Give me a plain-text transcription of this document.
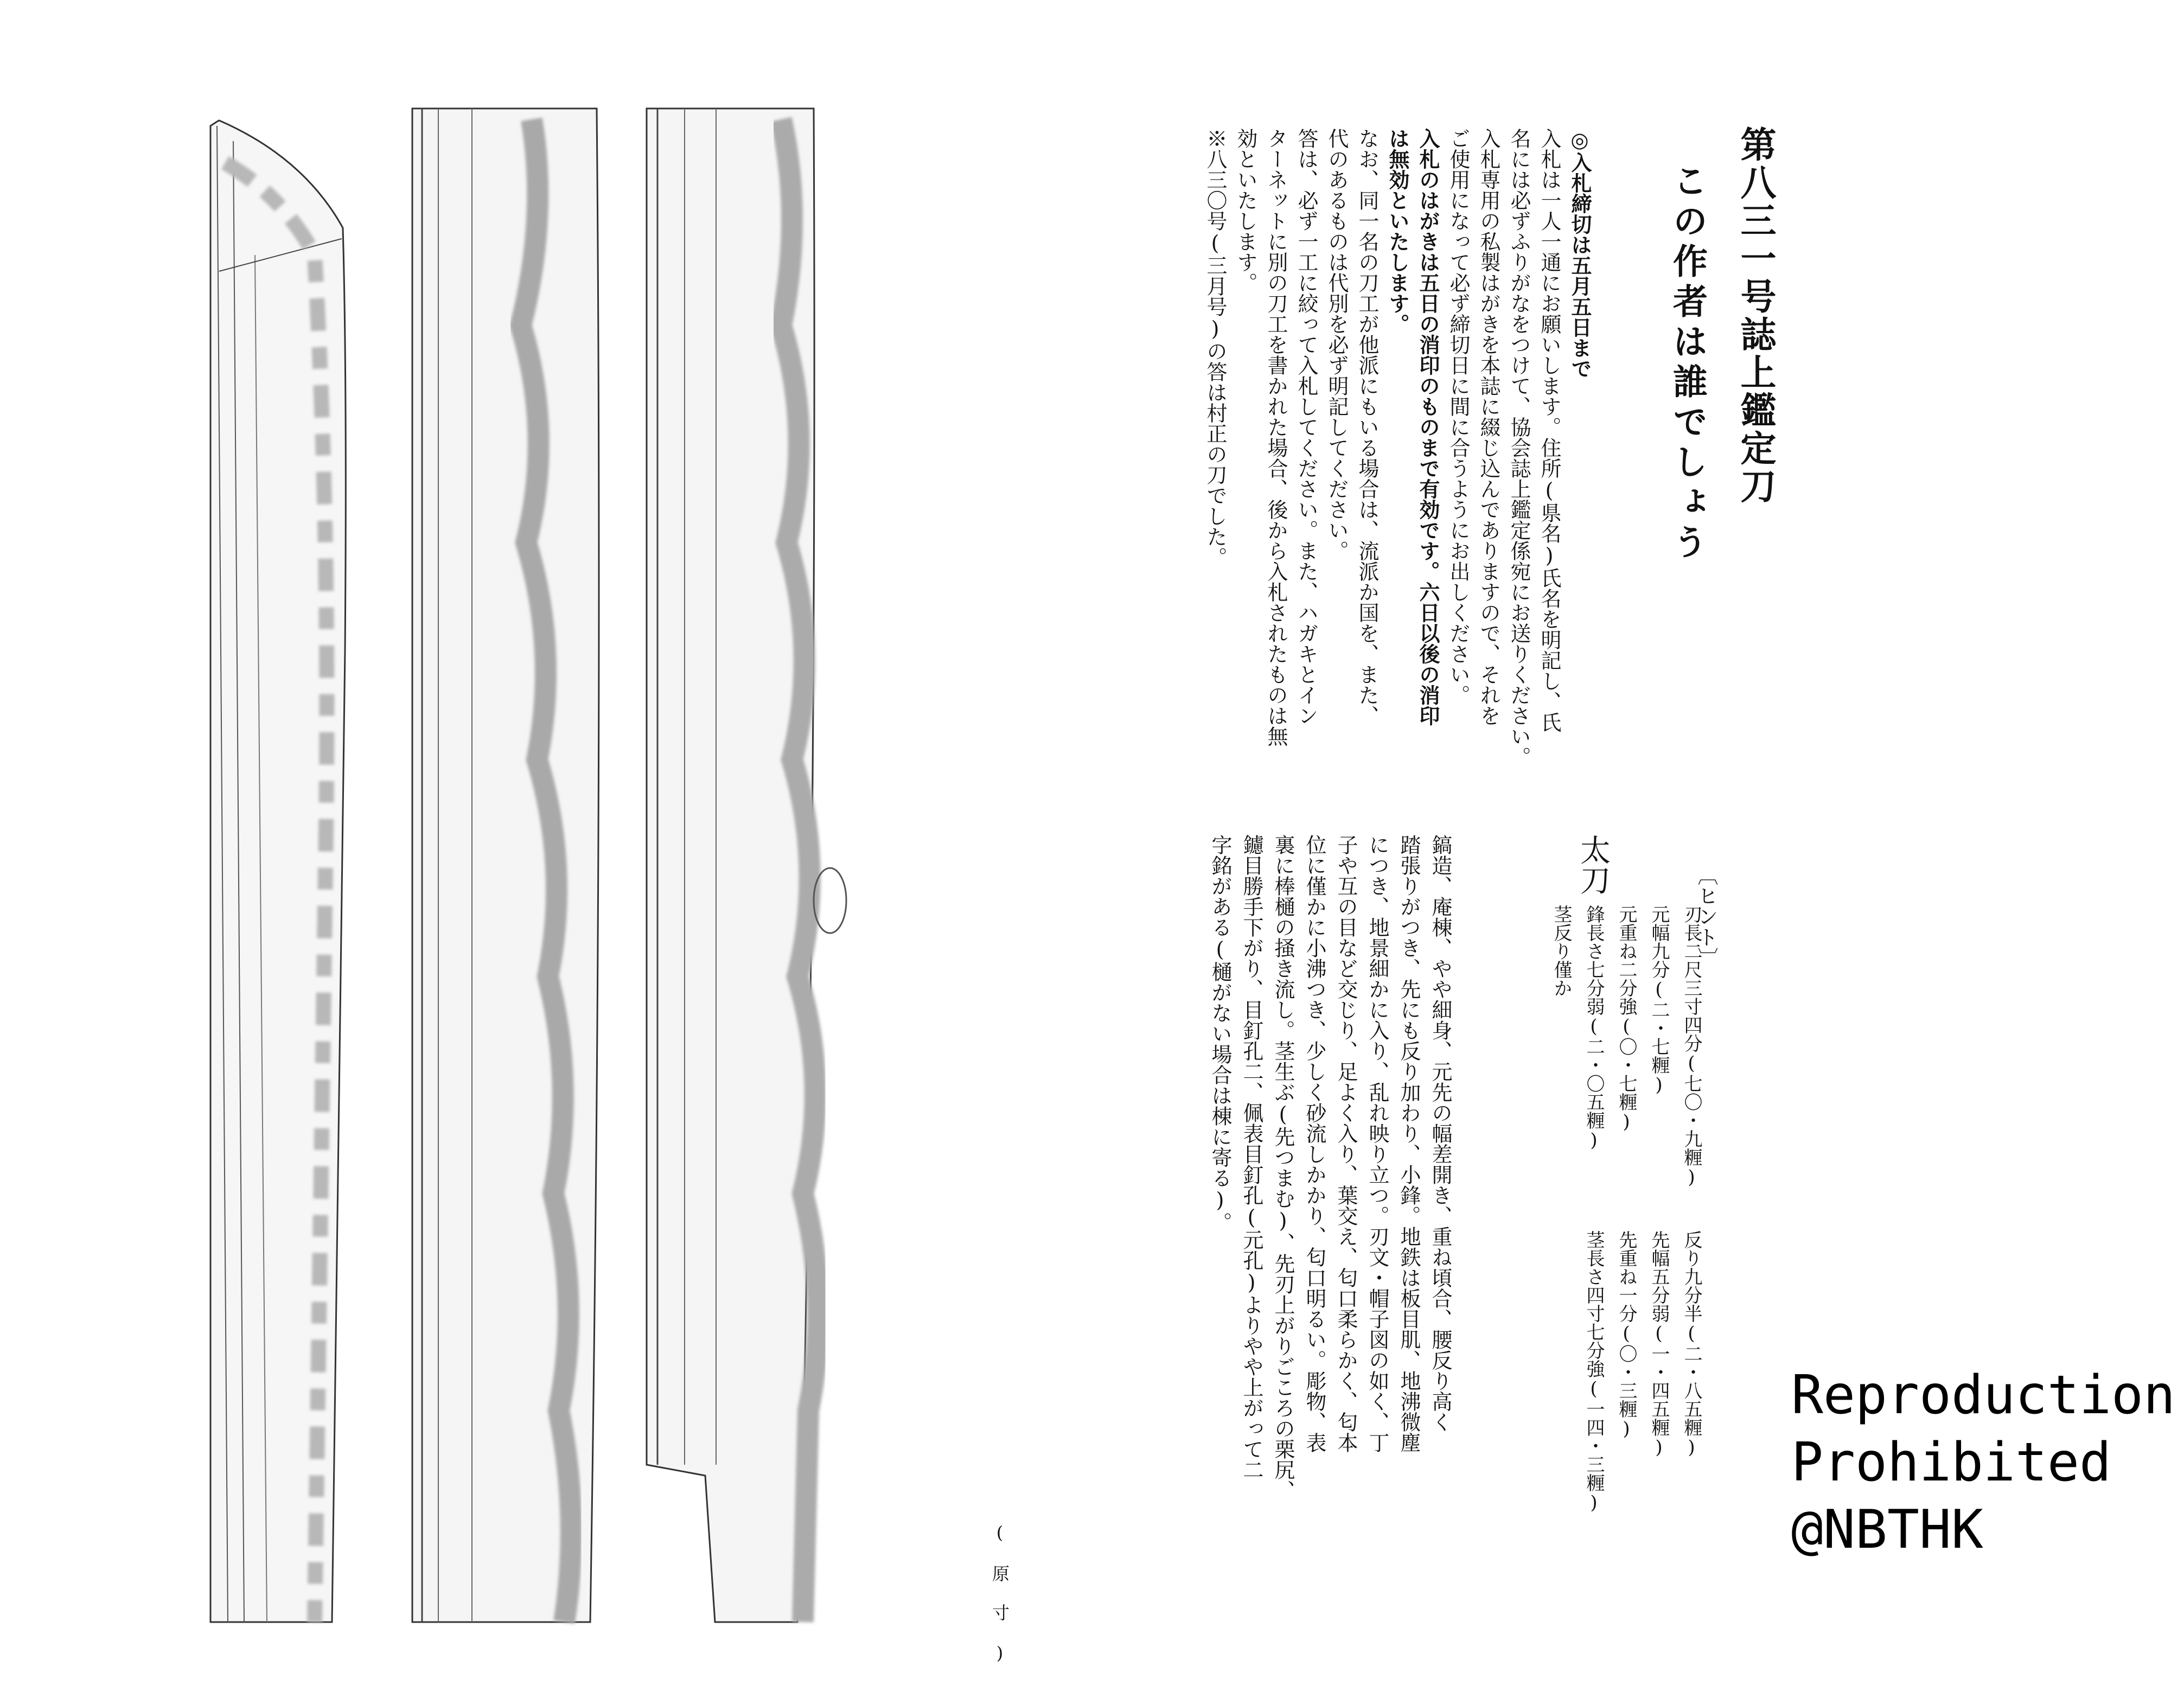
第八三一号誌上鑑定刀
この作者は誰でしょう
◎入札締切は五月五日まで
入札は一人一通にお願いします。住所(県名)氏名を明記し、氏
名には必ずふりがなをつけて、協会誌上鑑定係宛にお送りください。
入札専用の私製はがきを本誌に綴じ込んでありますので、それを
ご使用になって必ず締切日に間に合うようにお出しください。
入札のはがきは五日の消印のものまで有効です。六日以後の消印
は無効といたします。
なお、同一名の刀工が他派にもいる場合は、流派か国を、また、
代のあるものは代別を必ず明記してください。
答は、必ず一工に絞って入札してください。また、ハガキとイン
ターネットに別の刀工を書かれた場合、後から入札されたものは無
効といたします。
※八三〇号(三月号)の答は村正の刀でした。
〔ヒント〕
刃長二尺三寸四分(七〇・九糎)反り九分半(二・八五糎)
元幅九分(二・七糎)先幅五分弱(一・四五糎)
元重ね二分強(〇・七糎)先重ね一分(〇・三糎)
鋒長さ七分弱(二・〇五糎)茎長さ四寸七分強(一四・三糎)
茎反り僅か
太刀
鎬造、庵棟、やや細身、元先の幅差開き、重ね頃合、腰反り高く
踏張りがつき、先にも反り加わり、小鋒。地鉄は板目肌、地沸微塵
につき、地景細かに入り、乱れ映り立つ。刃文・帽子図の如く、丁
子や互の目など交じり、足よく入り、葉交え、匂口柔らかく、匂本
位に僅かに小沸つき、少しく砂流しかかり、匂口明るい。彫物、表
裏に棒樋の掻き流し。茎生ぶ(先つまむ)、先刃上がりごころの栗尻、
鑢目勝手下がり、目釘孔二、佩表目釘孔(元孔)よりやや上がって二
字銘がある(樋がない場合は棟に寄る)。
(原寸)
Reproduction
Prohibited
@NBTHK
